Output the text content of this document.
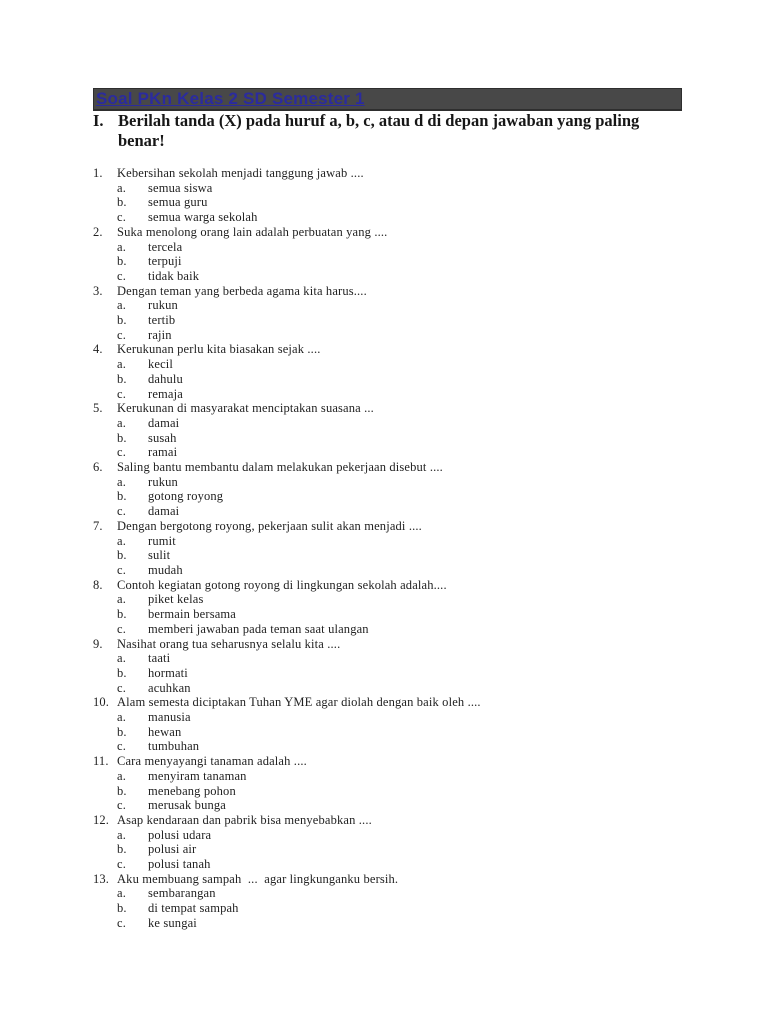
Soal PKn Kelas 2 SD Semester 1
I. Berilah tanda (X) pada huruf a, b, c, atau d di depan jawaban yang paling benar!
1.	Kebersihan sekolah menjadi tanggung jawab ....
a.	semua siswa
b.	semua guru
c.	semua warga sekolah
2.	Suka menolong orang lain adalah perbuatan yang ....
a.	tercela
b.	terpuji
c.	tidak baik
3.	Dengan teman yang berbeda agama kita harus....
a.	rukun
b.	tertib
c.	rajin
4.	Kerukunan perlu kita biasakan sejak ....
a.	kecil
b.	dahulu
c.	remaja
5.	Kerukunan di masyarakat menciptakan suasana ...
a.	damai
b.	susah
c.	ramai
6.	Saling bantu membantu dalam melakukan pekerjaan disebut ....
a.	rukun
b.	gotong royong
c.	damai
7.	Dengan bergotong royong, pekerjaan sulit akan menjadi ....
a.	rumit
b.	sulit
c.	mudah
8.	Contoh kegiatan gotong royong di lingkungan sekolah adalah....
a.	piket kelas
b.	bermain bersama
c.	memberi jawaban pada teman saat ulangan
9.	Nasihat orang tua seharusnya selalu kita ....
a.	taati
b.	hormati
c.	acuhkan
10. Alam semesta diciptakan Tuhan YME agar diolah dengan baik oleh ....
a.	manusia
b.	hewan
c.	tumbuhan
11. Cara menyayangi tanaman adalah ....
a.	menyiram tanaman
b.	menebang pohon
c.	merusak bunga
12. Asap kendaraan dan pabrik bisa menyebabkan ....
a.	polusi udara
b.	polusi air
c.	polusi tanah
13. Aku membuang sampah  ...  agar lingkunganku bersih.
a.	sembarangan
b.	di tempat sampah
c.	ke sungai
